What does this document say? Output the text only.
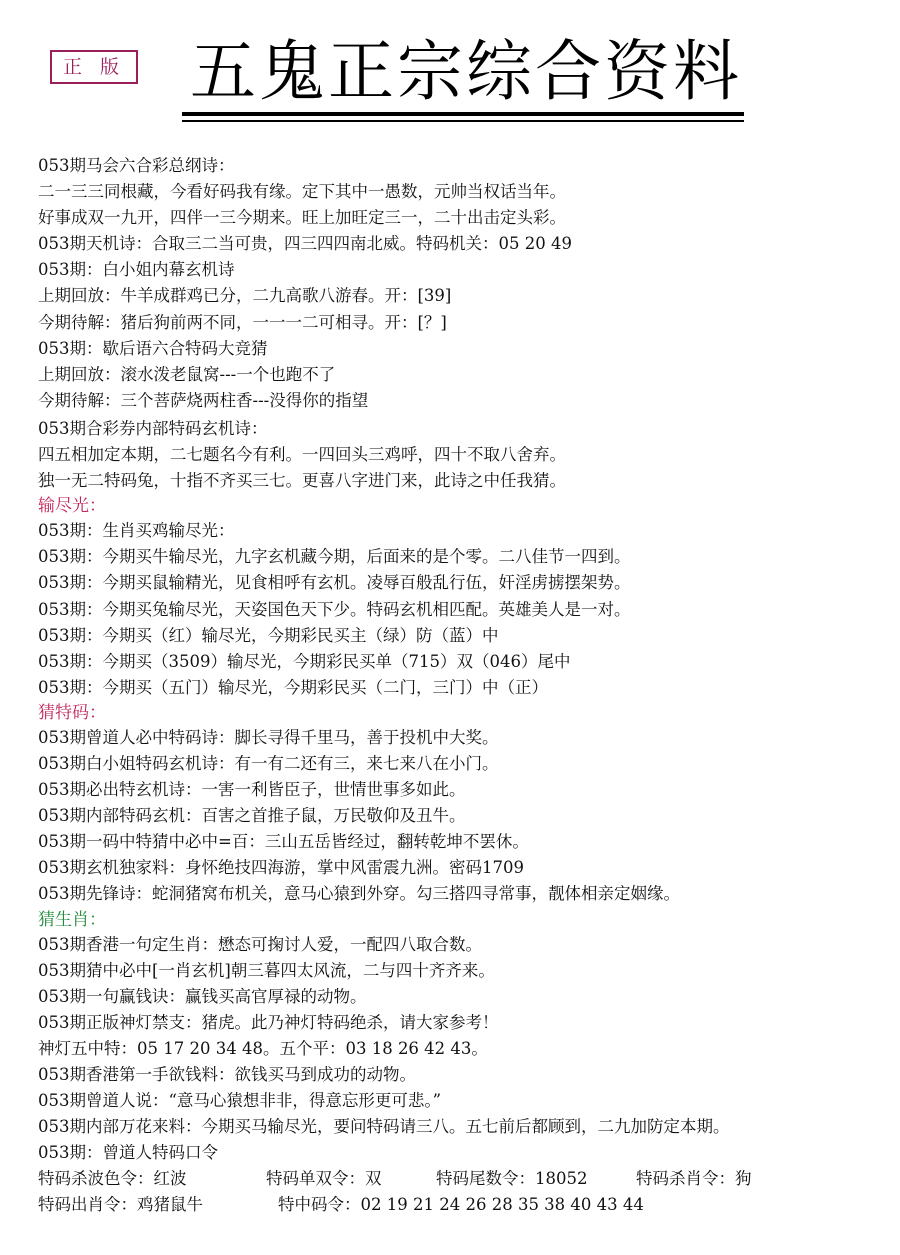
正 版 五鬼正宗综合资料
053期马会六合彩总纲诗：
二一三三同根藏，今看好码我有缘。定下其中一愚数，元帅当权话当年。
好事成双一九开，四伴一三今期来。旺上加旺定三一，二十出击定头彩。
053期天机诗：合取三二当可贵，四三四四南北威。特码机关：05 20 49
053期：白小姐内幕玄机诗
上期回放：牛羊成群鸡已分，二九高歌八游春。开：[39]
今期待解：猪后狗前两不同，一一一二可相寻。开：[？]
053期：歇后语六合特码大竞猜
上期回放：滚水泼老鼠窝---一个也跑不了
今期待解：三个菩萨烧两柱香---没得你的指望
053期合彩券内部特码玄机诗：
四五相加定本期，二七题名今有利。一四回头三鸡呼，四十不取八舍弃。
独一无二特码兔，十指不齐买三七。更喜八字进门来，此诗之中任我猜。
输尽光：
053期：生肖买鸡输尽光：
053期：今期买牛输尽光，九字玄机藏今期，后面来的是个零。二八佳节一四到。
053期：今期买鼠输精光，见食相呼有玄机。凌辱百般乱行伍，奸淫虏掳摆架势。
053期：今期买兔输尽光，天姿国色天下少。特码玄机相匹配。英雄美人是一对。
053期：今期买（红）输尽光，今期彩民买主（绿）防（蓝）中
053期：今期买（3509）输尽光，今期彩民买单（715）双（046）尾中
053期：今期买（五门）输尽光，今期彩民买（二门，三门）中（正）
猜特码：
053期曾道人必中特码诗：脚长寻得千里马，善于投机中大奖。
053期白小姐特码玄机诗：有一有二还有三，来七来八在小门。
053期必出特玄机诗：一害一利皆臣子，世情世事多如此。
053期内部特码玄机：百害之首推子鼠，万民敬仰及丑牛。
053期一码中特猜中必中=百：三山五岳皆经过，翻转乾坤不罢休。
053期玄机独家料：身怀绝技四海游，掌中风雷震九洲。密码1709
053期先锋诗：蛇洞猪窝布机关，意马心猿到外穿。勾三搭四寻常事，靓体相亲定姻缘。
猜生肖：
053期香港一句定生肖：懋态可掬讨人爱，一配四八取合数。
053期猜中必中[一肖玄机]朝三暮四太风流，二与四十齐齐来。
053期一句赢钱诀：赢钱买高官厚禄的动物。
053期正版神灯禁支：猪虎。此乃神灯特码绝杀，请大家参考！
神灯五中特：05 17 20 34 48。五个平：03 18 26 42 43。
053期香港第一手欲钱料：欲钱买马到成功的动物。
053期曾道人说：“意马心猿想非非，得意忘形更可悲。”
053期内部万花来料：今期买马输尽光，要问特码请三八。五七前后都顾到，二九加防定本期。
053期：曾道人特码口令
特码杀波色令：红波	特码单双令：双	特码尾数令：18052	特码杀肖令：狗
特码出肖令：鸡猪鼠牛	特中码令：02 19 21 24 26 28 35 38 40 43 44
